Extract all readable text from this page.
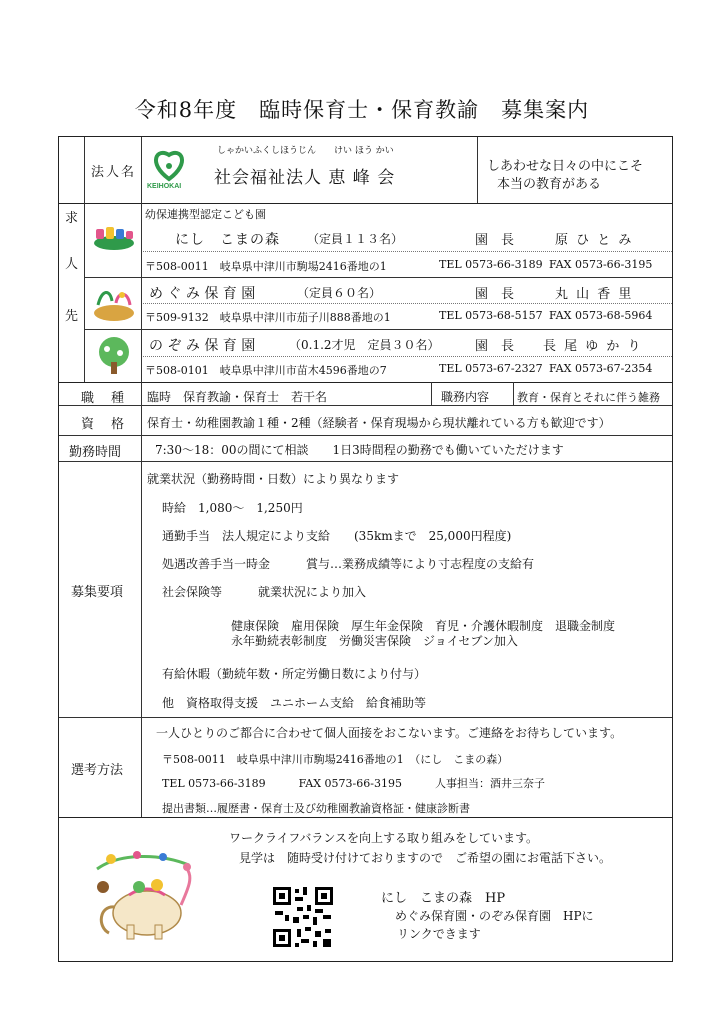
令和8年度　臨時保育士・保育教諭　募集案内
法人名
KEIHOKAI
しゃかいふくしほうじん　　けい ほう かい
社会福祉法人 恵 峰 会
しあわせな日々の中にこそ
本当の教育がある
求
人
先
幼保連携型認定こども園
にし　こまの森 （定員１１３名）	園　長	原 ひ と み
〒508-0011　岐阜県中津川市駒場2416番地の1	TEL 0573-66-3189 FAX 0573-66-3195
め ぐ み 保 育 園	（定員６０名）	園　長	丸 山 香 里
〒509-9132　岐阜県中津川市茄子川888番地の1	TEL 0573-68-5157 FAX 0573-68-5964
の ぞ み 保 育 園	（0.1.2才児　定員３０名）	園　長 長 尾 ゆ か り
〒508-0101　岐阜県中津川市苗木4596番地の7	TEL 0573-67-2327 FAX 0573-67-2354
職　種 臨時　保育教諭・保育士　若干名	職務内容	教育・保育とそれに伴う雑務
資　格 保育士・幼稚園教諭１種・2種（経験者・保育現場から現状離れている方も歓迎です）
勤務時間	7:30～18：00の間にて相談　　1日3時間程の勤務でも働いていただけます
募集要項
就業状況（勤務時間・日数）により異なります
時給　1,080～　1,250円
通勤手当　法人規定により支給　　(35kmまで　25,000円程度)
処遇改善手当一時金　　　賞与…業務成績等により寸志程度の支給有
社会保険等　　　就業状況により加入
健康保険　雇用保険　厚生年金保険　育児・介護休暇制度　退職金制度
永年勤続表彰制度　労働災害保険　ジョイセブン加入
有給休暇（勤続年数・所定労働日数により付与）
他　資格取得支援　ユニホーム支給　給食補助等
選考方法
一人ひとりのご都合に合わせて個人面接をおこないます。ご連絡をお待ちしています。
〒508-0011　岐阜県中津川市駒場2416番地の1　（にし　こまの森）
TEL 0573-66-3189　　　FAX 0573-66-3195　　　人事担当：酒井三奈子
提出書類…履歴書・保育士及び幼稚園教諭資格証・健康診断書
ワークライフバランスを向上する取り組みをしています。
見学は　随時受け付けておりますので　ご希望の園にお電話下さい。
にし　こまの森　HP
めぐみ保育園・のぞみ保育園　HPに
リンクできます
